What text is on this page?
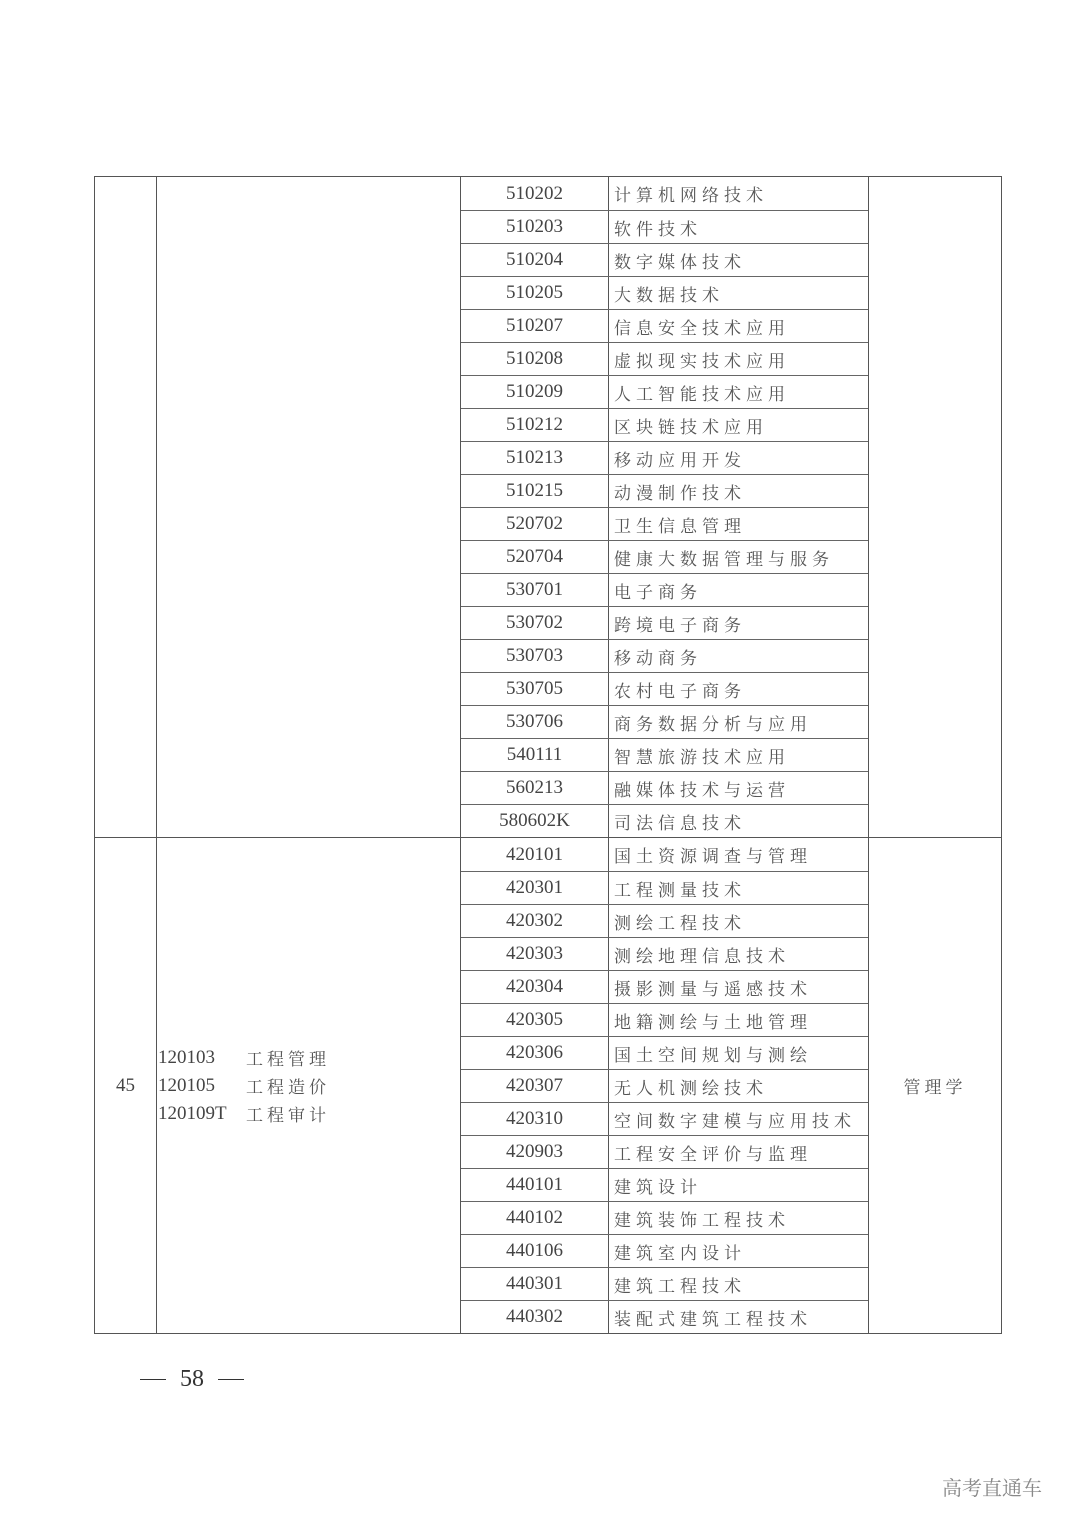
510202	计算机网络技术
510203	软件技术
510204	数字媒体技术
510205	大数据技术
510207	信息安全技术应用
510208	虚拟现实技术应用
510209	人工智能技术应用
510212	区块链技术应用
510213	移动应用开发
510215	动漫制作技术
520702	卫生信息管理
520704	健康大数据管理与服务
530701	电子商务
530702	跨境电子商务
530703	移动商务
530705	农村电子商务
530706	商务数据分析与应用
540111	智慧旅游技术应用
560213	融媒体技术与运营
580602K	司法信息技术
45
120103	工程管理
120105	工程造价
120109T	工程审计
420101	国土资源调查与管理
420301	工程测量技术
420302	测绘工程技术
420303	测绘地理信息技术
420304	摄影测量与遥感技术
420305	地籍测绘与土地管理
420306	国土空间规划与测绘
420307	无人机测绘技术
420310	空间数字建模与应用技术
420903	工程安全评价与监理
440101	建筑设计
440102	建筑装饰工程技术
440106	建筑室内设计
440301	建筑工程技术
440302	装配式建筑工程技术
管理学
58
高考直通车
